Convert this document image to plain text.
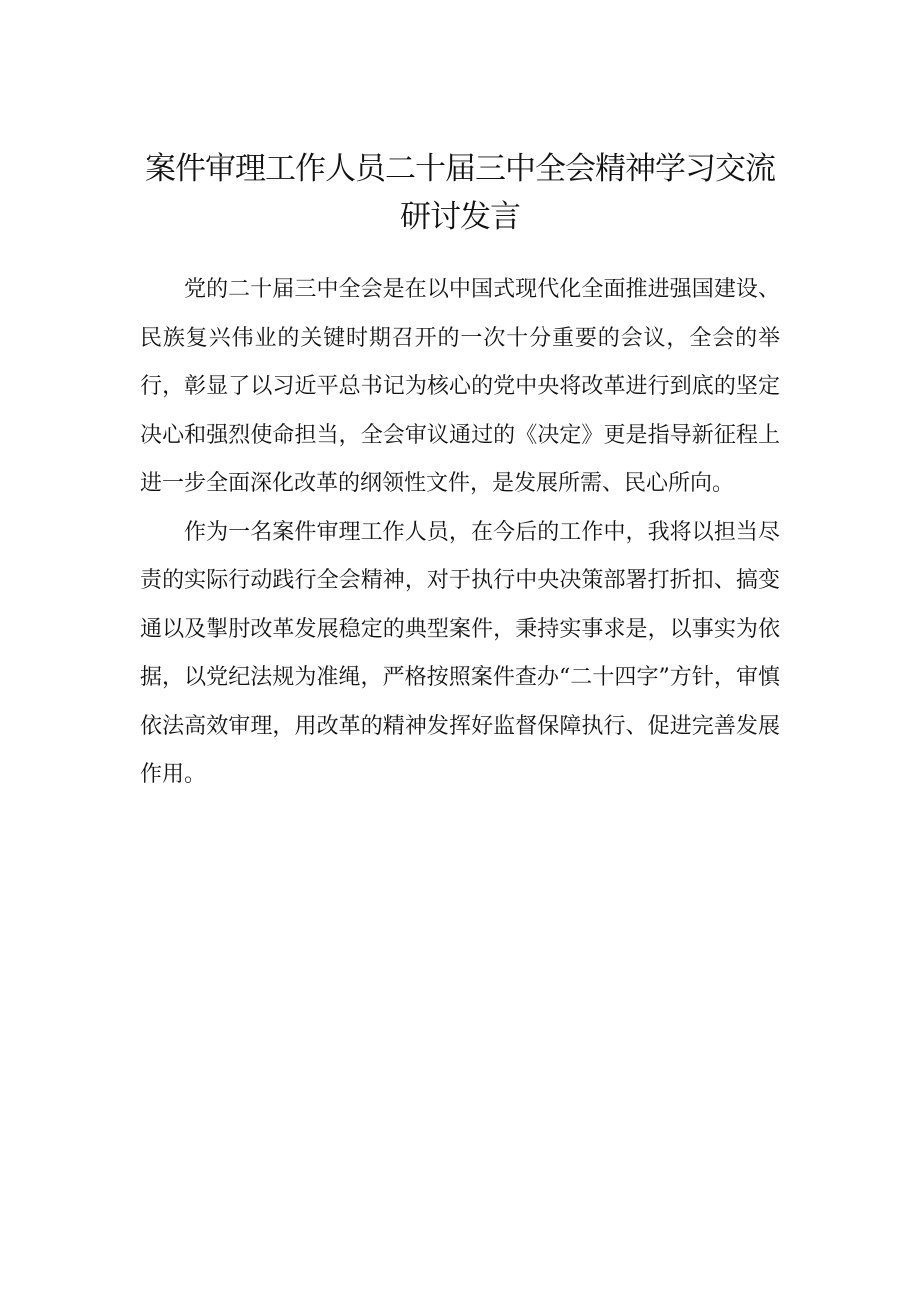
案件审理工作人员二十届三中全会精神学习交流研讨发言

党的二十届三中全会是在以中国式现代化全面推进强国建设、民族复兴伟业的关键时期召开的一次十分重要的会议，全会的举行，彰显了以习近平总书记为核心的党中央将改革进行到底的坚定决心和强烈使命担当，全会审议通过的《决定》更是指导新征程上进一步全面深化改革的纲领性文件，是发展所需、民心所向。

作为一名案件审理工作人员，在今后的工作中，我将以担当尽责的实际行动践行全会精神，对于执行中央决策部署打折扣、搞变通以及掣肘改革发展稳定的典型案件，秉持实事求是，以事实为依据，以党纪法规为准绳，严格按照案件查办“二十四字”方针，审慎依法高效审理，用改革的精神发挥好监督保障执行、促进完善发展作用。
